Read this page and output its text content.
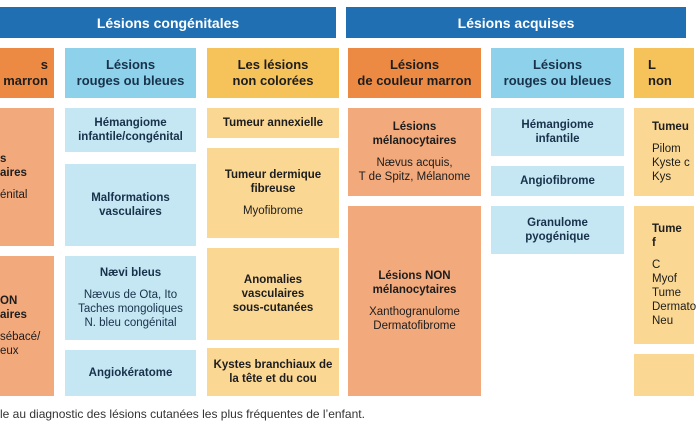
Lésions congénitales	Lésions acquises
s
marron
s
aires
énital
ON
aires
sébacé/
eux
Lésions
rouges ou bleues
Hémangiome
infantile/congénital
Malformations
vasculaires
Nævi bleus
Nævus de Ota, Ito
Taches mongoliques
N. bleu congénital
Angiokératome
Les lésions
non colorées
Tumeur annexielle
Tumeur dermique
fibreuse
Myofibrome
Anomalies
vasculaires
sous-cutanées
Kystes branchiaux de
la tête et du cou
Lésions
de couleur marron
Lésions
mélanocytaires
Nævus acquis,
T de Spitz, Mélanome
Lésions NON
mélanocytaires
Xanthogranulome
Dermatofibrome
Lésions
rouges ou bleues
Hémangiome
infantile
Angiofibrome
Granulome
pyogénique
L
non
Tumeu
Pilom
Kyste c
Kys
Tume
f
C
Myof
Tume
Dermato
Neu
le au diagnostic des lésions cutanées les plus fréquentes de l’enfant.
